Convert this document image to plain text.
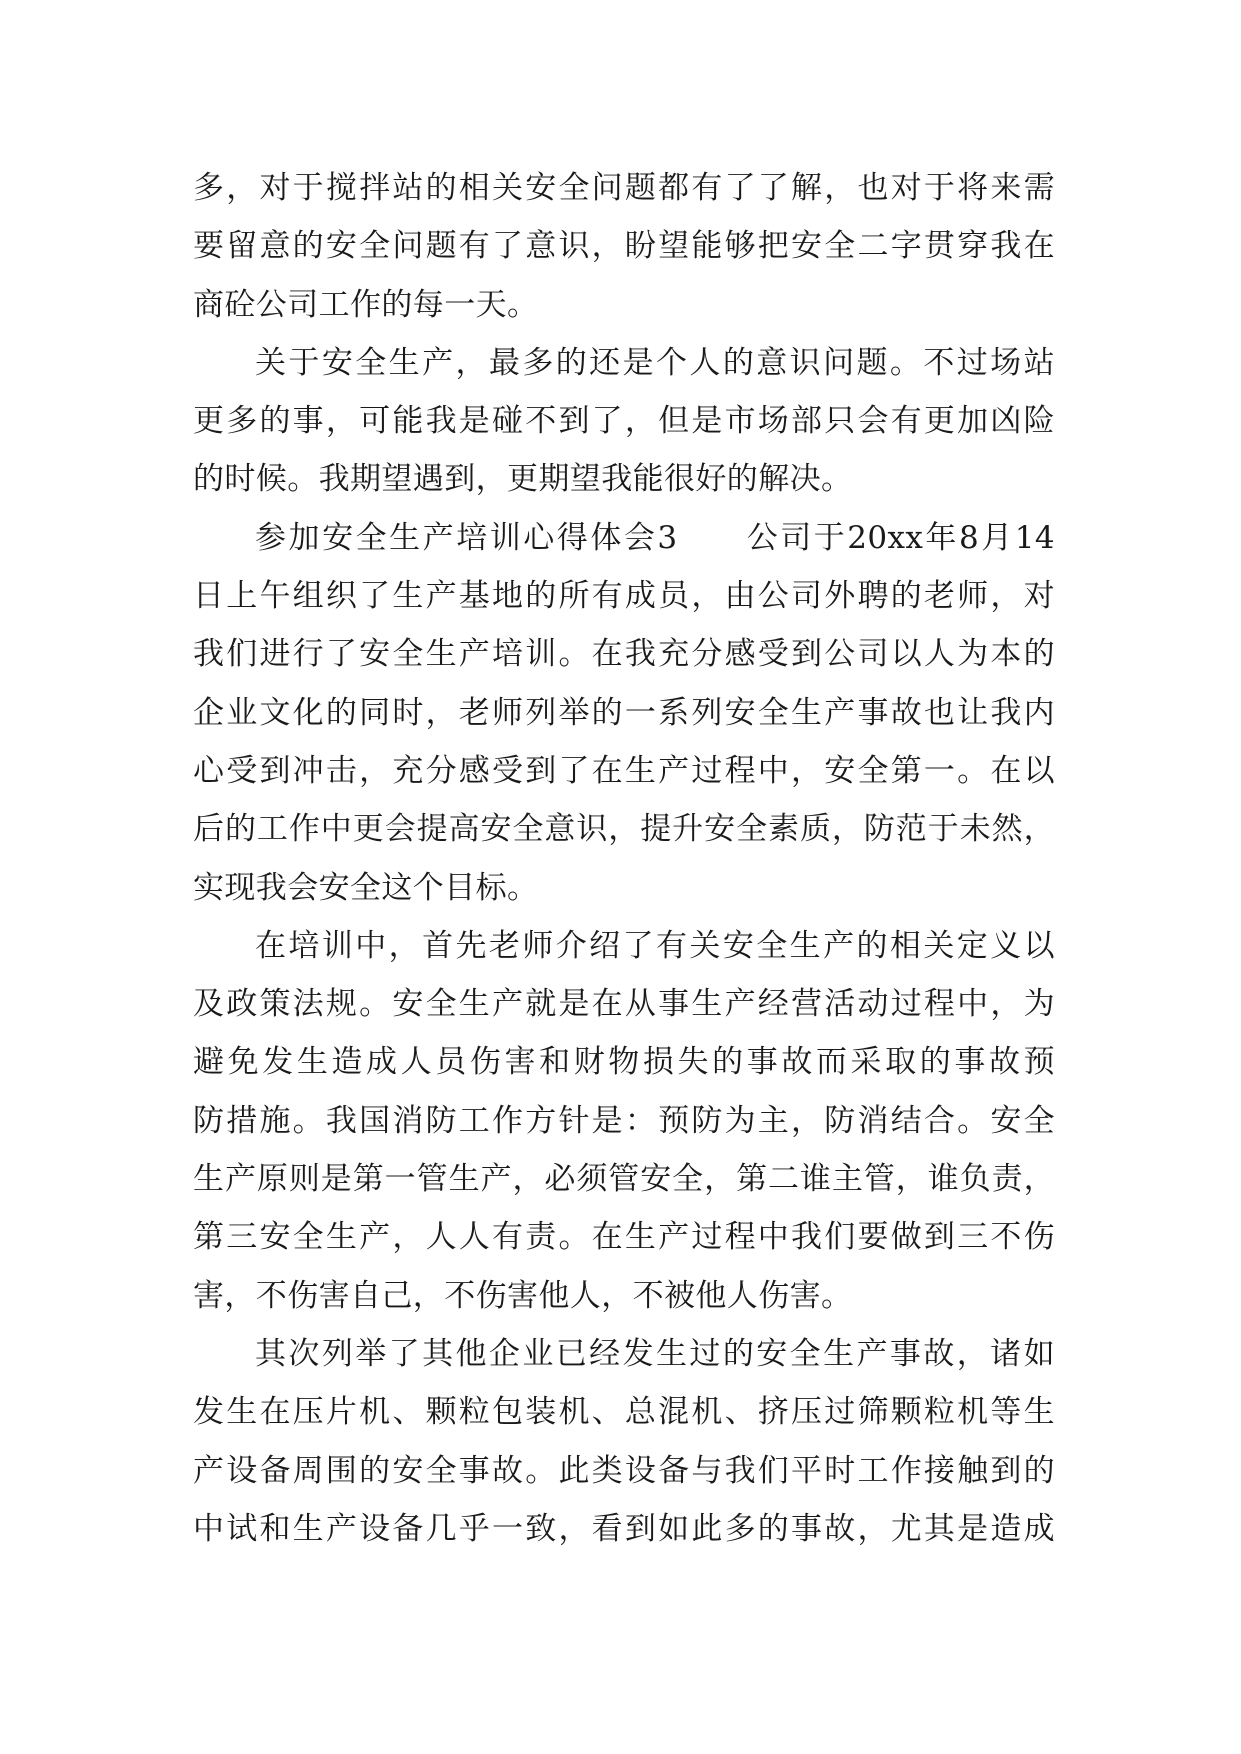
多，对于搅拌站的相关安全问题都有了了解，也对于将来需
要留意的安全问题有了意识，盼望能够把安全二字贯穿我在
商砼公司工作的每一天。
关于安全生产，最多的还是个人的意识问题。不过场站
更多的事，可能我是碰不到了，但是市场部只会有更加凶险
的时候。我期望遇到，更期望我能很好的解决。
参加安全生产培训心得体会3　　公司于20xx年8月14
日上午组织了生产基地的所有成员，由公司外聘的老师，对
我们进行了安全生产培训。在我充分感受到公司以人为本的
企业文化的同时，老师列举的一系列安全生产事故也让我内
心受到冲击，充分感受到了在生产过程中，安全第一。在以
后的工作中更会提高安全意识，提升安全素质，防范于未然，
实现我会安全这个目标。
在培训中，首先老师介绍了有关安全生产的相关定义以
及政策法规。安全生产就是在从事生产经营活动过程中，为
避免发生造成人员伤害和财物损失的事故而采取的事故预
防措施。我国消防工作方针是：预防为主，防消结合。安全
生产原则是第一管生产，必须管安全，第二谁主管，谁负责，
第三安全生产，人人有责。在生产过程中我们要做到三不伤
害，不伤害自己，不伤害他人，不被他人伤害。
其次列举了其他企业已经发生过的安全生产事故，诸如
发生在压片机、颗粒包装机、总混机、挤压过筛颗粒机等生
产设备周围的安全事故。此类设备与我们平时工作接触到的
中试和生产设备几乎一致，看到如此多的事故，尤其是造成
